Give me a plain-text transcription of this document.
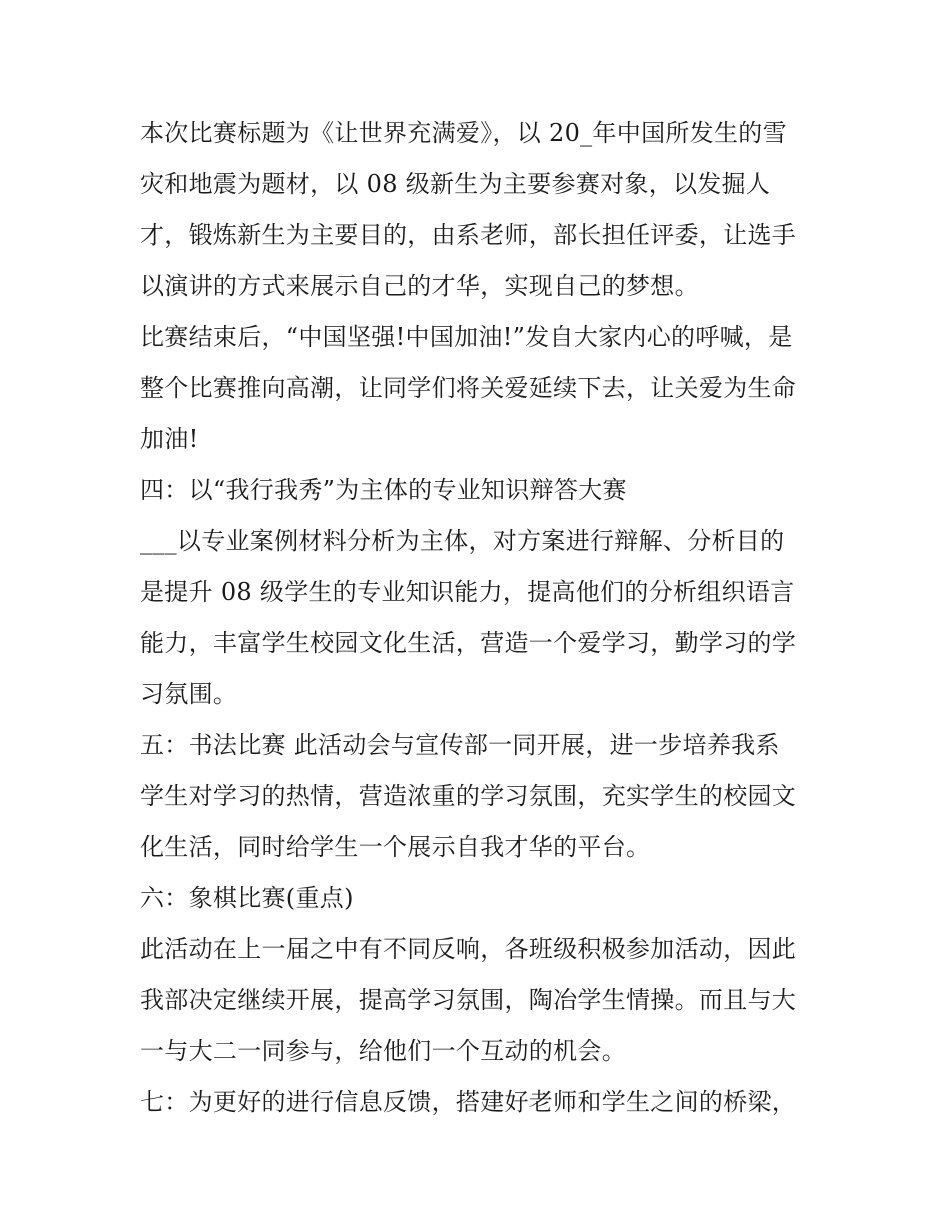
本次比赛标题为《让世界充满爱》，以 20_年中国所发生的雪
灾和地震为题材，以 08 级新生为主要参赛对象，以发掘人
才，锻炼新生为主要目的，由系老师，部长担任评委，让选手
以演讲的方式来展示自己的才华，实现自己的梦想。
比赛结束后，“中国坚强!中国加油!”发自大家内心的呼喊，是
整个比赛推向高潮，让同学们将关爱延续下去，让关爱为生命
加油!
四：以“我行我秀”为主体的专业知识辩答大赛
___以专业案例材料分析为主体，对方案进行辩解、分析目的
是提升 08 级学生的专业知识能力，提高他们的分析组织语言
能力，丰富学生校园文化生活，营造一个爱学习，勤学习的学
习氛围。
五：书法比赛 此活动会与宣传部一同开展，进一步培养我系
学生对学习的热情，营造浓重的学习氛围，充实学生的校园文
化生活，同时给学生一个展示自我才华的平台。
六：象棋比赛(重点)
此活动在上一届之中有不同反响，各班级积极参加活动，因此
我部决定继续开展，提高学习氛围，陶冶学生情操。而且与大
一与大二一同参与，给他们一个互动的机会。
七：为更好的进行信息反馈，搭建好老师和学生之间的桥梁，
